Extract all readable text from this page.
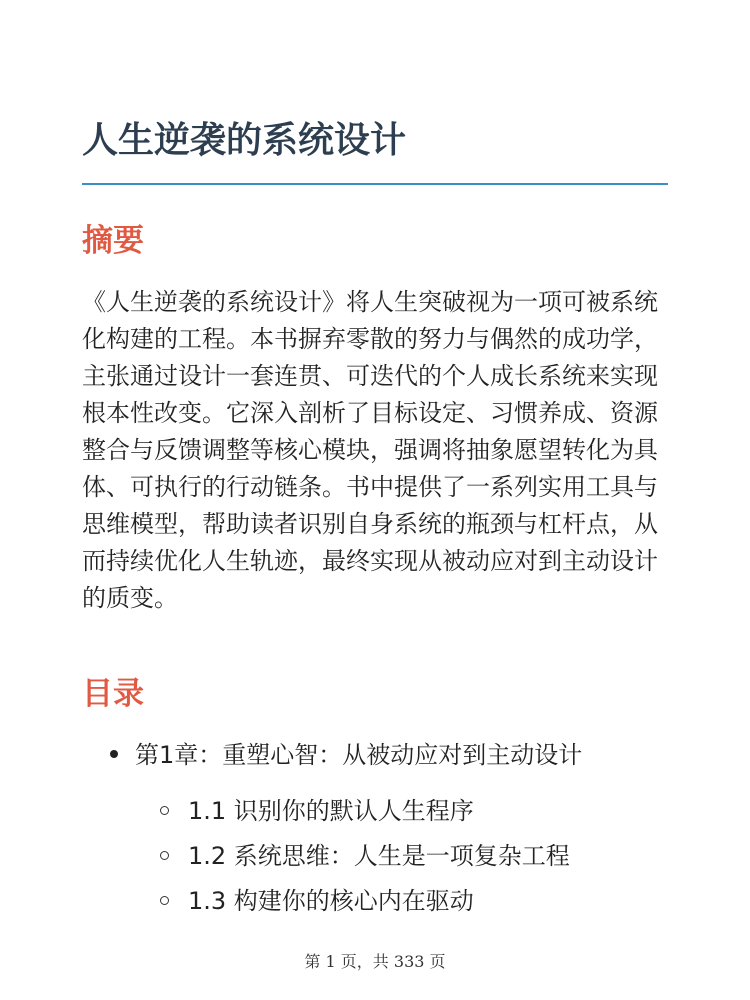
人生逆袭的系统设计
摘要

《人生逆袭的系统设计》将人生突破视为一项可被系统化构建的工程。本书摒弃零散的努力与偶然的成功学，主张通过设计一套连贯、可迭代的个人成长系统来实现根本性改变。它深入剖析了目标设定、习惯养成、资源整合与反馈调整等核心模块，强调将抽象愿望转化为具体、可执行的行动链条。书中提供了一系列实用工具与思维模型，帮助读者识别自身系统的瓶颈与杠杆点，从而持续优化人生轨迹，最终实现从被动应对到主动设计的质变。

目录
第1章：重塑心智：从被动应对到主动设计
1.1 识别你的默认人生程序
1.2 系统思维：人生是一项复杂工程
1.3 构建你的核心内在驱动
第 1 页，共 333 页
